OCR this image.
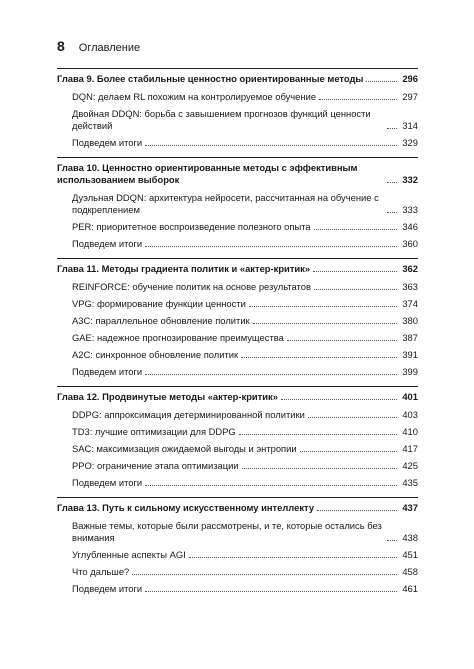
8 Оглавление
Глава 9. Более стабильные ценностно ориентированные методы	296
DQN: делаем RL похожим на контролируемое обучение	297
Двойная DDQN: борьба с завышением прогнозов функций ценности действий	314
Подведем итоги	329
Глава 10. Ценностно ориентированные методы с эффективным использованием выборок	332
Дуэльная DDQN: архитектура нейросети, рассчитанная на обучение с подкреплением	333
PER: приоритетное воспроизведение полезного опыта	346
Подведем итоги	360
Глава 11. Методы градиента политик и «актер-критик»	362
REINFORCE: обучение политик на основе результатов	363
VPG: формирование функции ценности	374
A3C: параллельное обновление политик	380
GAE: надежное прогнозирование преимущества	387
A2C: синхронное обновление политик	391
Подведем итоги	399
Глава 12. Продвинутые методы «актер-критик»	401
DDPG: аппроксимация детерминированной политики	403
TD3: лучшие оптимизации для DDPG	410
SAC: максимизация ожидаемой выгоды и энтропии	417
PPO: ограничение этапа оптимизации	425
Подведем итоги	435
Глава 13. Путь к сильному искусственному интеллекту	437
Важные темы, которые были рассмотрены, и те, которые остались без внимания	438
Углубленные аспекты AGI	451
Что дальше?	458
Подведем итоги	461
